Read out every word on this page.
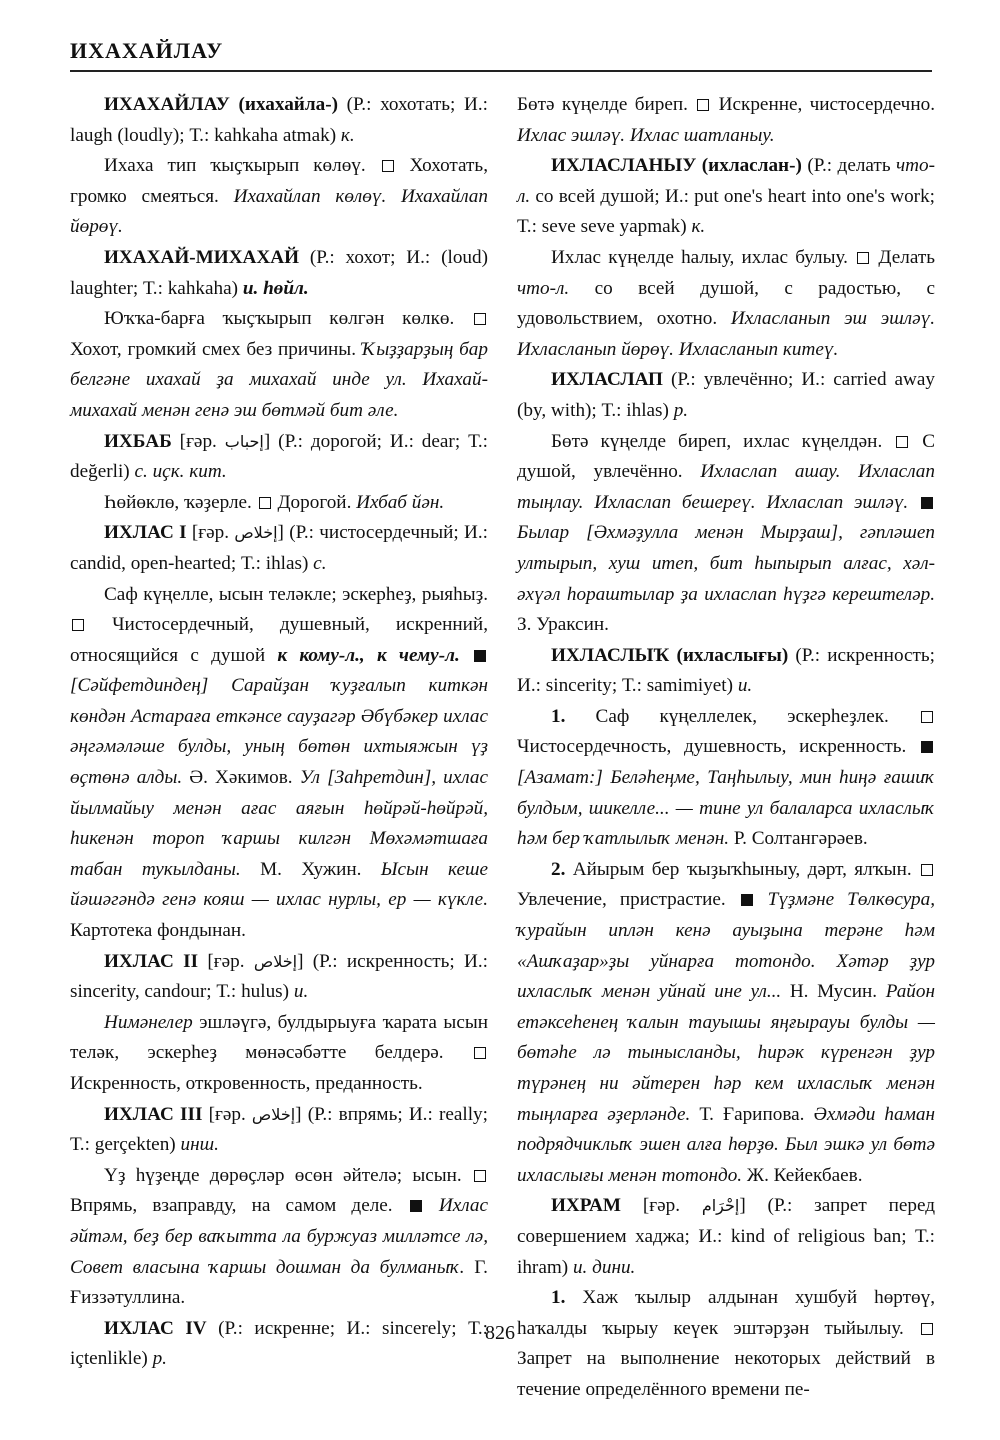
ИХАХАЙЛАУ

ИХАХАЙЛАУ (ихахайла-) (Р.: хохотать; И.: laugh (loudly); Т.: kahkaha atmak) к.

Ихаха тип ҡыҫҡырып көлөү.  Хохотать, громко смеяться. Ихахайлап көлөү. Ихахайлап йөрөү.

ИХАХАЙ-МИХАХАЙ (Р.: хохот; И.: (loud) laughter; Т.: kahkaha) и. һөйл.

Юҡҡа-барға ҡыҫҡырып көлгән көлкө.  Хохот, громкий смех без причины. Ҡыҙҙарҙың бар белгәне ихахай ҙа михахай инде ул. Ихахай-михахай менән генә эш бөтмәй бит әле.

ИХБАБ [ғәр. إحباب] (Р.: дорогой; И.: dear; Т.: değerli) с. иҫк. кит.

Һөйөклө, ҡәҙерле.  Дорогой. Ихбаб йән.

ИХЛАС I [ғәр. إخلاص] (Р.: чистосердечный; И.: candid, open-hearted; Т.: ihlas) с.

Саф күңелле, ысын теләкле; эскерһеҙ, рыяһыҙ.  Чистосердечный, душевный, искренний, относящийся с душой к кому-л., к чему-л.  [Сәйфетдиндең] Сарайҙан ҡуҙғалып киткән көндән Астарағa еткәнсе сауҙагәр Әбүбәкер ихлас әңгәмәләше булды, уның бөтөн ихтыяжын үҙ өҫтөнә алды. Ә. Хәкимов. Ул [Заһретдин], ихлас йылмайыу менән ағас аяғын һөйрәй-һөйрәй, һикенән тороп ҡаршы килгән Мөхәмәтшаға табан тукылданы. М. Хужин. Ысын кеше йәшәгәндә генә кояш — ихлас нурлы, ер — күкле. Картотека фондынан.

ИХЛАС II [ғәр. إخلاص] (Р.: искренность; И.: sincerity, candour; Т.: hulus) и.

Нимәнелер эшләүгә, булдырыуға ҡарата ысын теләк, эскерһеҙ мөнәсәбәтте белдерә.  Искренность, откровенность, преданность.

ИХЛАС III [ғәр. إخلاص] (Р.: впрямь; И.: really; Т.: gerçekten) инш.

Үҙ һүҙеңде дөрөҫләр өсөн әйтелә; ысын.  Впрямь, взаправду, на самом деле.  Ихлас әйтәм, беҙ бер ваҡытта ла буржуаз милләтсе лә, Совет власына ҡаршы дошман да булманыҡ. Г. Ғиззәтуллина.

ИХЛАС IV (Р.: искренне; И.: sincerely; Т.: içtenlikle) р.

Бөтә күңелде биреп.  Искренне, чистосердечно. Ихлас эшләү. Ихлас шатланыу.

ИХЛАСЛАНЫУ (ихласлан-) (Р.: делать что-л. со всей душой; И.: put one's heart into one's work; Т.: seve seve yapmak) к.

Ихлас күңелде һалыу, ихлас булыу.  Делать что-л. со всей душой, с радостью, с удовольствием, охотно. Ихласланып эш эшләү. Ихласланып йөрөү. Ихласланып китеү.

ИХЛАСЛАП (Р.: увлечённо; И.: carried away (by, with); Т.: ihlas) р.

Бөтә күңелде биреп, ихлас күңелдән.  С душой, увлечённо. Ихласлап ашау. Ихласлап тыңлау. Ихласлап бешереү. Ихласлап эшләү.  Былар [Әхмәҙулла менән Мырҙаш], гәпләшеп ултырып, хуш итеп, бит һыпырып алғас, хәл-әхүәл һораштылар ҙа ихласлап һүҙгә керештеләр. З. Ураксин.

ИХЛАСЛЫҠ (ихласлығы) (Р.: искренность; И.: sincerity; Т.: samimiyet) и.

1. Саф күңеллелек, эскерһеҙлек.  Чистосердечность, душевность, искренность.  [Азамат:] Беләһеңме, Таңһылыу, мин һиңә ғашиҡ булдым, шикелле... — тине ул балаларса ихласлыҡ һәм бер ҡатлылыҡ менән. Р. Солтангәрәев.

2. Айырым бер ҡыҙыҡһыныу, дәрт, ялҡын.  Увлечение, пристрастие.  Түҙмәне Төлкөсура, ҡурайын иплән кенә ауыҙына терәне һәм «Ашҡаҙар»ҙы уйнарға тотондо. Хәтәр ҙур ихласлыҡ менән уйнай ине ул... Н. Мусин. Район етәксеһенең ҡалын тауышы яңғырауы булды — бөтәһе лә тынысланды, һирәк күренгән ҙур түрәнең ни әйтерен һәр кем ихласлыҡ менән тыңларға әҙерләнде. Т. Ғарипова. Әхмәди һаман подрядчиклыҡ эшен алға һөрҙө. Был эшкә ул бөтә ихласлығы менән тотондо. Ж. Кейекбаев.

ИХРАМ [ғәр. إحْرَام] (Р.: запрет перед совершением хаджа; И.: kind of religious ban; Т.: ihram) и. дини.

1. Хаж ҡылыр алдынан хушбуй һөртөү, һаҡалды ҡырыу кеүек эштәрҙән тыйылыу.  Запрет на выполнение некоторых действий в течение определённого времени пе-

826
